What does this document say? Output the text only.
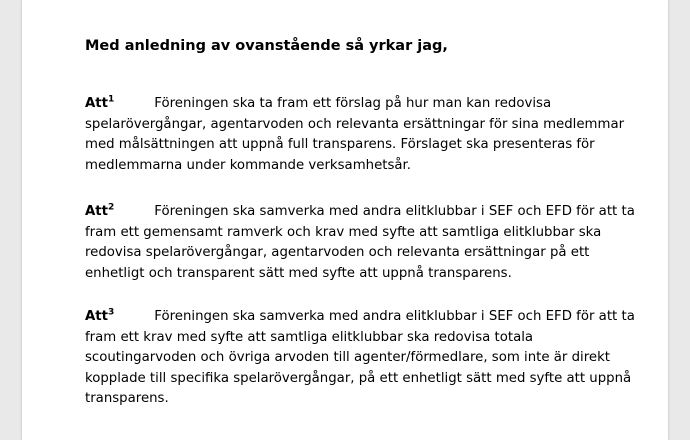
Med anledning av ovanstående så yrkar jag,
Att$^1$	Föreningen ska ta fram ett förslag på hur man kan redovisa spelarövergångar, agentarvoden och relevanta ersättningar för sina medlemmar med målsättningen att uppnå full transparens. Förslaget ska presenteras för medlemmarna under kommande verksamhetsår.
Att$^2$	Föreningen ska samverka med andra elitklubbar i SEF och EFD för att ta fram ett gemensamt ramverk och krav med syfte att samtliga elitklubbar ska redovisa spelarövergångar, agentarvoden och relevanta ersättningar på ett enhetligt och transparent sätt med syfte att uppnå transparens.
Att$^3$	Föreningen ska samverka med andra elitklubbar i SEF och EFD för att ta fram ett krav med syfte att samtliga elitklubbar ska redovisa totala scoutingarvoden och övriga arvoden till agenter/förmedlare, som inte är direkt kopplade till specifika spelarövergångar, på ett enhetligt sätt med syfte att uppnå transparens.
